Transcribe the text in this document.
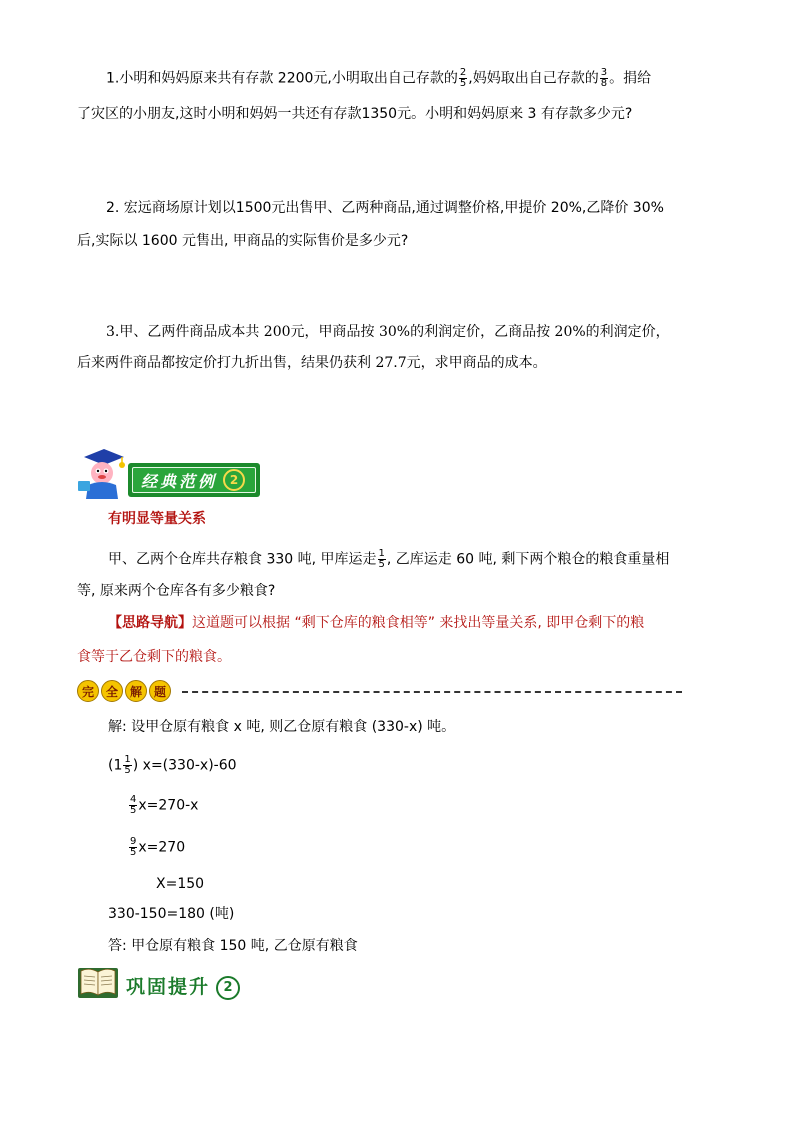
1.小明和妈妈原来共有存款 2200元,小明取出自己存款的 $\frac{2}{5}$ ,妈妈取出自己存款的 $\frac{3}{8}$ 。捐给
了灾区的小朋友,这时小明和妈妈一共还有存款1350元。小明和妈妈原来 3 有存款多少元?
2. 宏远商场原计划以1500元出售甲、乙两种商品,通过调整价格,甲提价 20%,乙降价 30%
后,实际以 1600 元售出, 甲商品的实际售价是多少元?
3.甲、乙两件商品成本共 200元，甲商品按 30%的利润定价，乙商品按 20%的利润定价，
后来两件商品都按定价打九折出售，结果仍获利 27.7元，求甲商品的成本。
经典范例	2
有明显等量关系
甲、乙两个仓库共存粮食 330 吨, 甲库运走 $\frac{1}{5}$ , 乙库运走 60 吨, 剩下两个粮仓的粮食重量相
等, 原来两个仓库各有多少粮食?
【思路导航】这道题可以根据 “剩下仓库的粮食相等” 来找出等量关系, 即甲仓剩下的粮
食等于乙仓剩下的粮食。
完 全 解 题
解: 设甲仓原有粮食 x 吨, 则乙仓原有粮食 (330-x) 吨。
($1 \frac{1}{5}$ ) x=(330-x)-60
$\frac{4}{5} x=270-x$
$\frac{9}{5} x=270$
X=150
330-150=180 (吨)
答: 甲仓原有粮食 150 吨, 乙仓原有粮食
巩固提升 2
